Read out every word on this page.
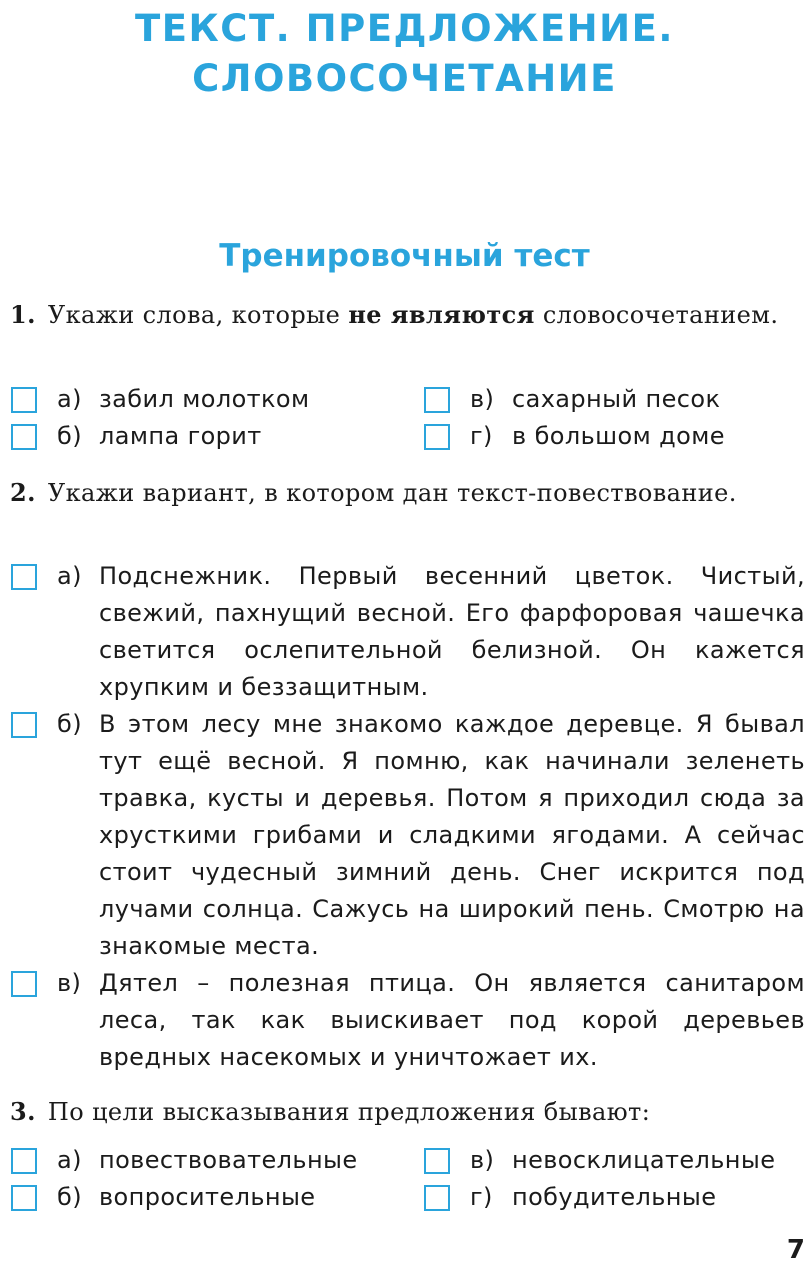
ТЕКСТ. ПРЕДЛОЖЕНИЕ.
СЛОВОСОЧЕТАНИЕ
Тренировочный тест

1. Укажи слова, которые не являются словосочетанием.

а) забил молотком
б) лампа горит
в) сахарный песок
г) в большом доме

2. Укажи вариант, в котором дан текст-повествование.

а) Подснежник. Первый весенний цветок. Чистый, свежий, пахнущий весной. Его фарфоровая чашечка светится ослепительной белизной. Он кажется хрупким и беззащитным.
б) В этом лесу мне знакомо каждое деревце. Я бывал тут ещё весной. Я помню, как начинали зеленеть травка, кусты и деревья. Потом я приходил сюда за хрусткими грибами и сладкими ягодами. А сейчас стоит чудесный зимний день. Снег искрится под лучами солнца. Сажусь на широкий пень. Смотрю на знакомые места.
в) Дятел – полезная птица. Он является санитаром леса, так как выискивает под корой деревьев вредных насекомых и уничтожает их.

3. По цели высказывания предложения бывают:

а) повествовательные
б) вопросительные
в) невосклицательные
г) побудительные

7
